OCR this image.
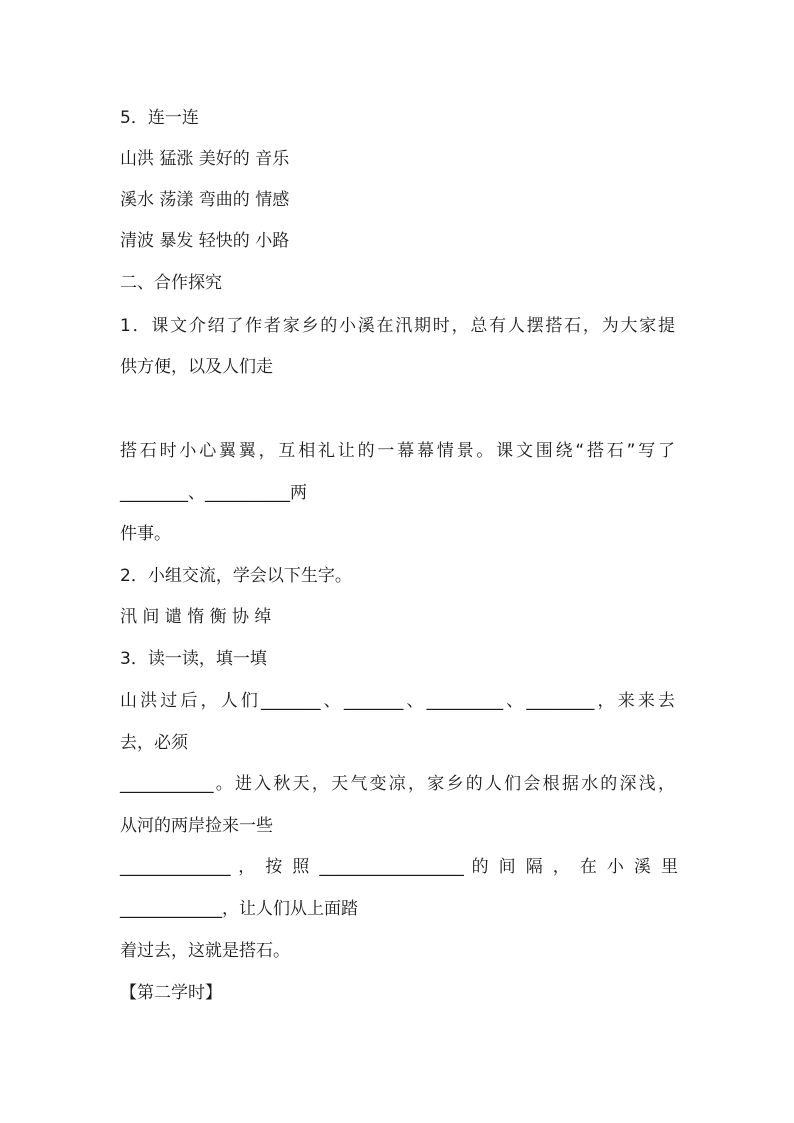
5．连一连
山洪 猛涨 美好的 音乐
溪水 荡漾 弯曲的 情感
清波 暴发 轻快的 小路
二、合作探究
1．课文介绍了作者家乡的小溪在汛期时，总有人摆搭石，为大家提
供方便，以及人们走
搭石时小心翼翼，互相礼让的一幕幕情景。课文围绕“搭石”写了
________、__________两
件事。
2．小组交流，学会以下生字。
汛 间 谴 惰 衡 协 绰
3．读一读，填一填
山洪过后，人们_______、_______、_________、________，来来去
去，必须
___________。进入秋天，天气变凉，家乡的人们会根据水的深浅，
从河的两岸捡来一些
_____________ ， 按 照 _________________ 的 间 隔 ， 在 小 溪 里
____________，让人们从上面踏
着过去，这就是搭石。
【第二学时】
